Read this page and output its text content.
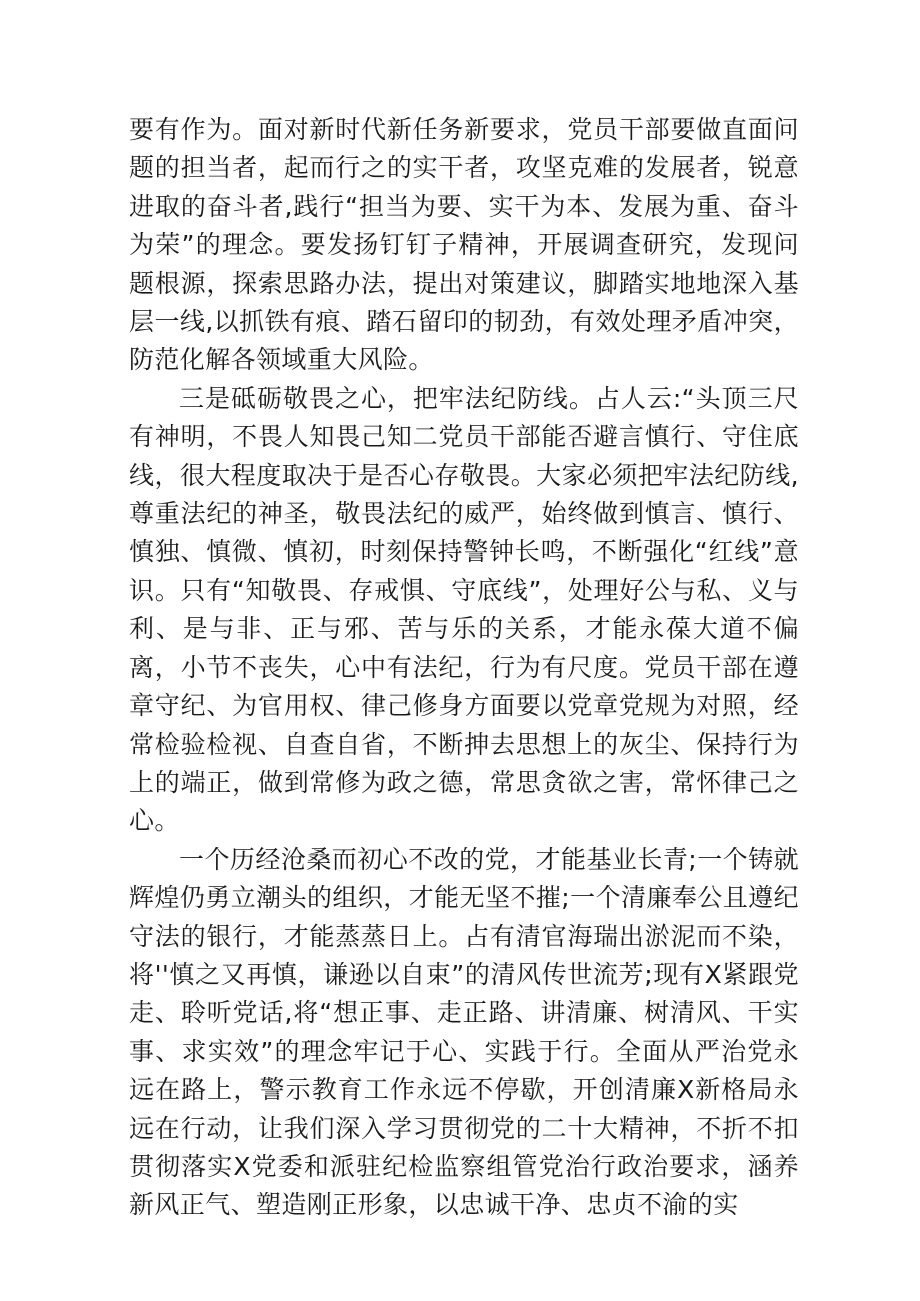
要有作为。面对新时代新任务新要求，党员干部要做直面问题的担当者，起而行之的实干者，攻坚克难的发展者，锐意进取的奋斗者,践行“担当为要、实干为本、发展为重、奋斗为荣”的理念。要发扬钉钉子精神，开展调查研究，发现问题根源，探索思路办法，提出对策建议，脚踏实地地深入基层一线,以抓铁有痕、踏石留印的韧劲，有效处理矛盾冲突，防范化解各领域重大风险。

三是砥砺敬畏之心，把牢法纪防线。占人云:“头顶三尺有神明，不畏人知畏己知二党员干部能否避言慎行、守住底线，很大程度取决于是否心存敬畏。大家必须把牢法纪防线,尊重法纪的神圣，敬畏法纪的威严，始终做到慎言、慎行、慎独、慎微、慎初，时刻保持警钟长鸣，不断强化“红线”意识。只有“知敬畏、存戒惧、守底线”，处理好公与私、义与利、是与非、正与邪、苦与乐的关系，才能永葆大道不偏离，小节不丧失，心中有法纪，行为有尺度。党员干部在遵章守纪、为官用权、律己修身方面要以党章党规为对照，经常检验检视、自查自省，不断抻去思想上的灰尘、保持行为上的端正，做到常修为政之德，常思贪欲之害，常怀律己之心。

一个历经沧桑而初心不改的党，才能基业长青;一个铸就辉煌仍勇立潮头的组织，才能无坚不摧;一个清廉奉公且遵纪守法的银行，才能蒸蒸日上。占有清官海瑞出淤泥而不染，将''慎之又再慎，谦逊以自束”的清风传世流芳;现有X紧跟党走、聆听党话,将“想正事、走正路、讲清廉、树清风、干实事、求实效”的理念牢记于心、实践于行。全面从严治党永远在路上，警示教育工作永远不停歇，开创清廉X新格局永远在行动，让我们深入学习贯彻党的二十大精神，不折不扣贯彻落实X党委和派驻纪检监察组管党治行政治要求，涵养新风正气、塑造刚正形象，以忠诚干净、忠贞不渝的实
